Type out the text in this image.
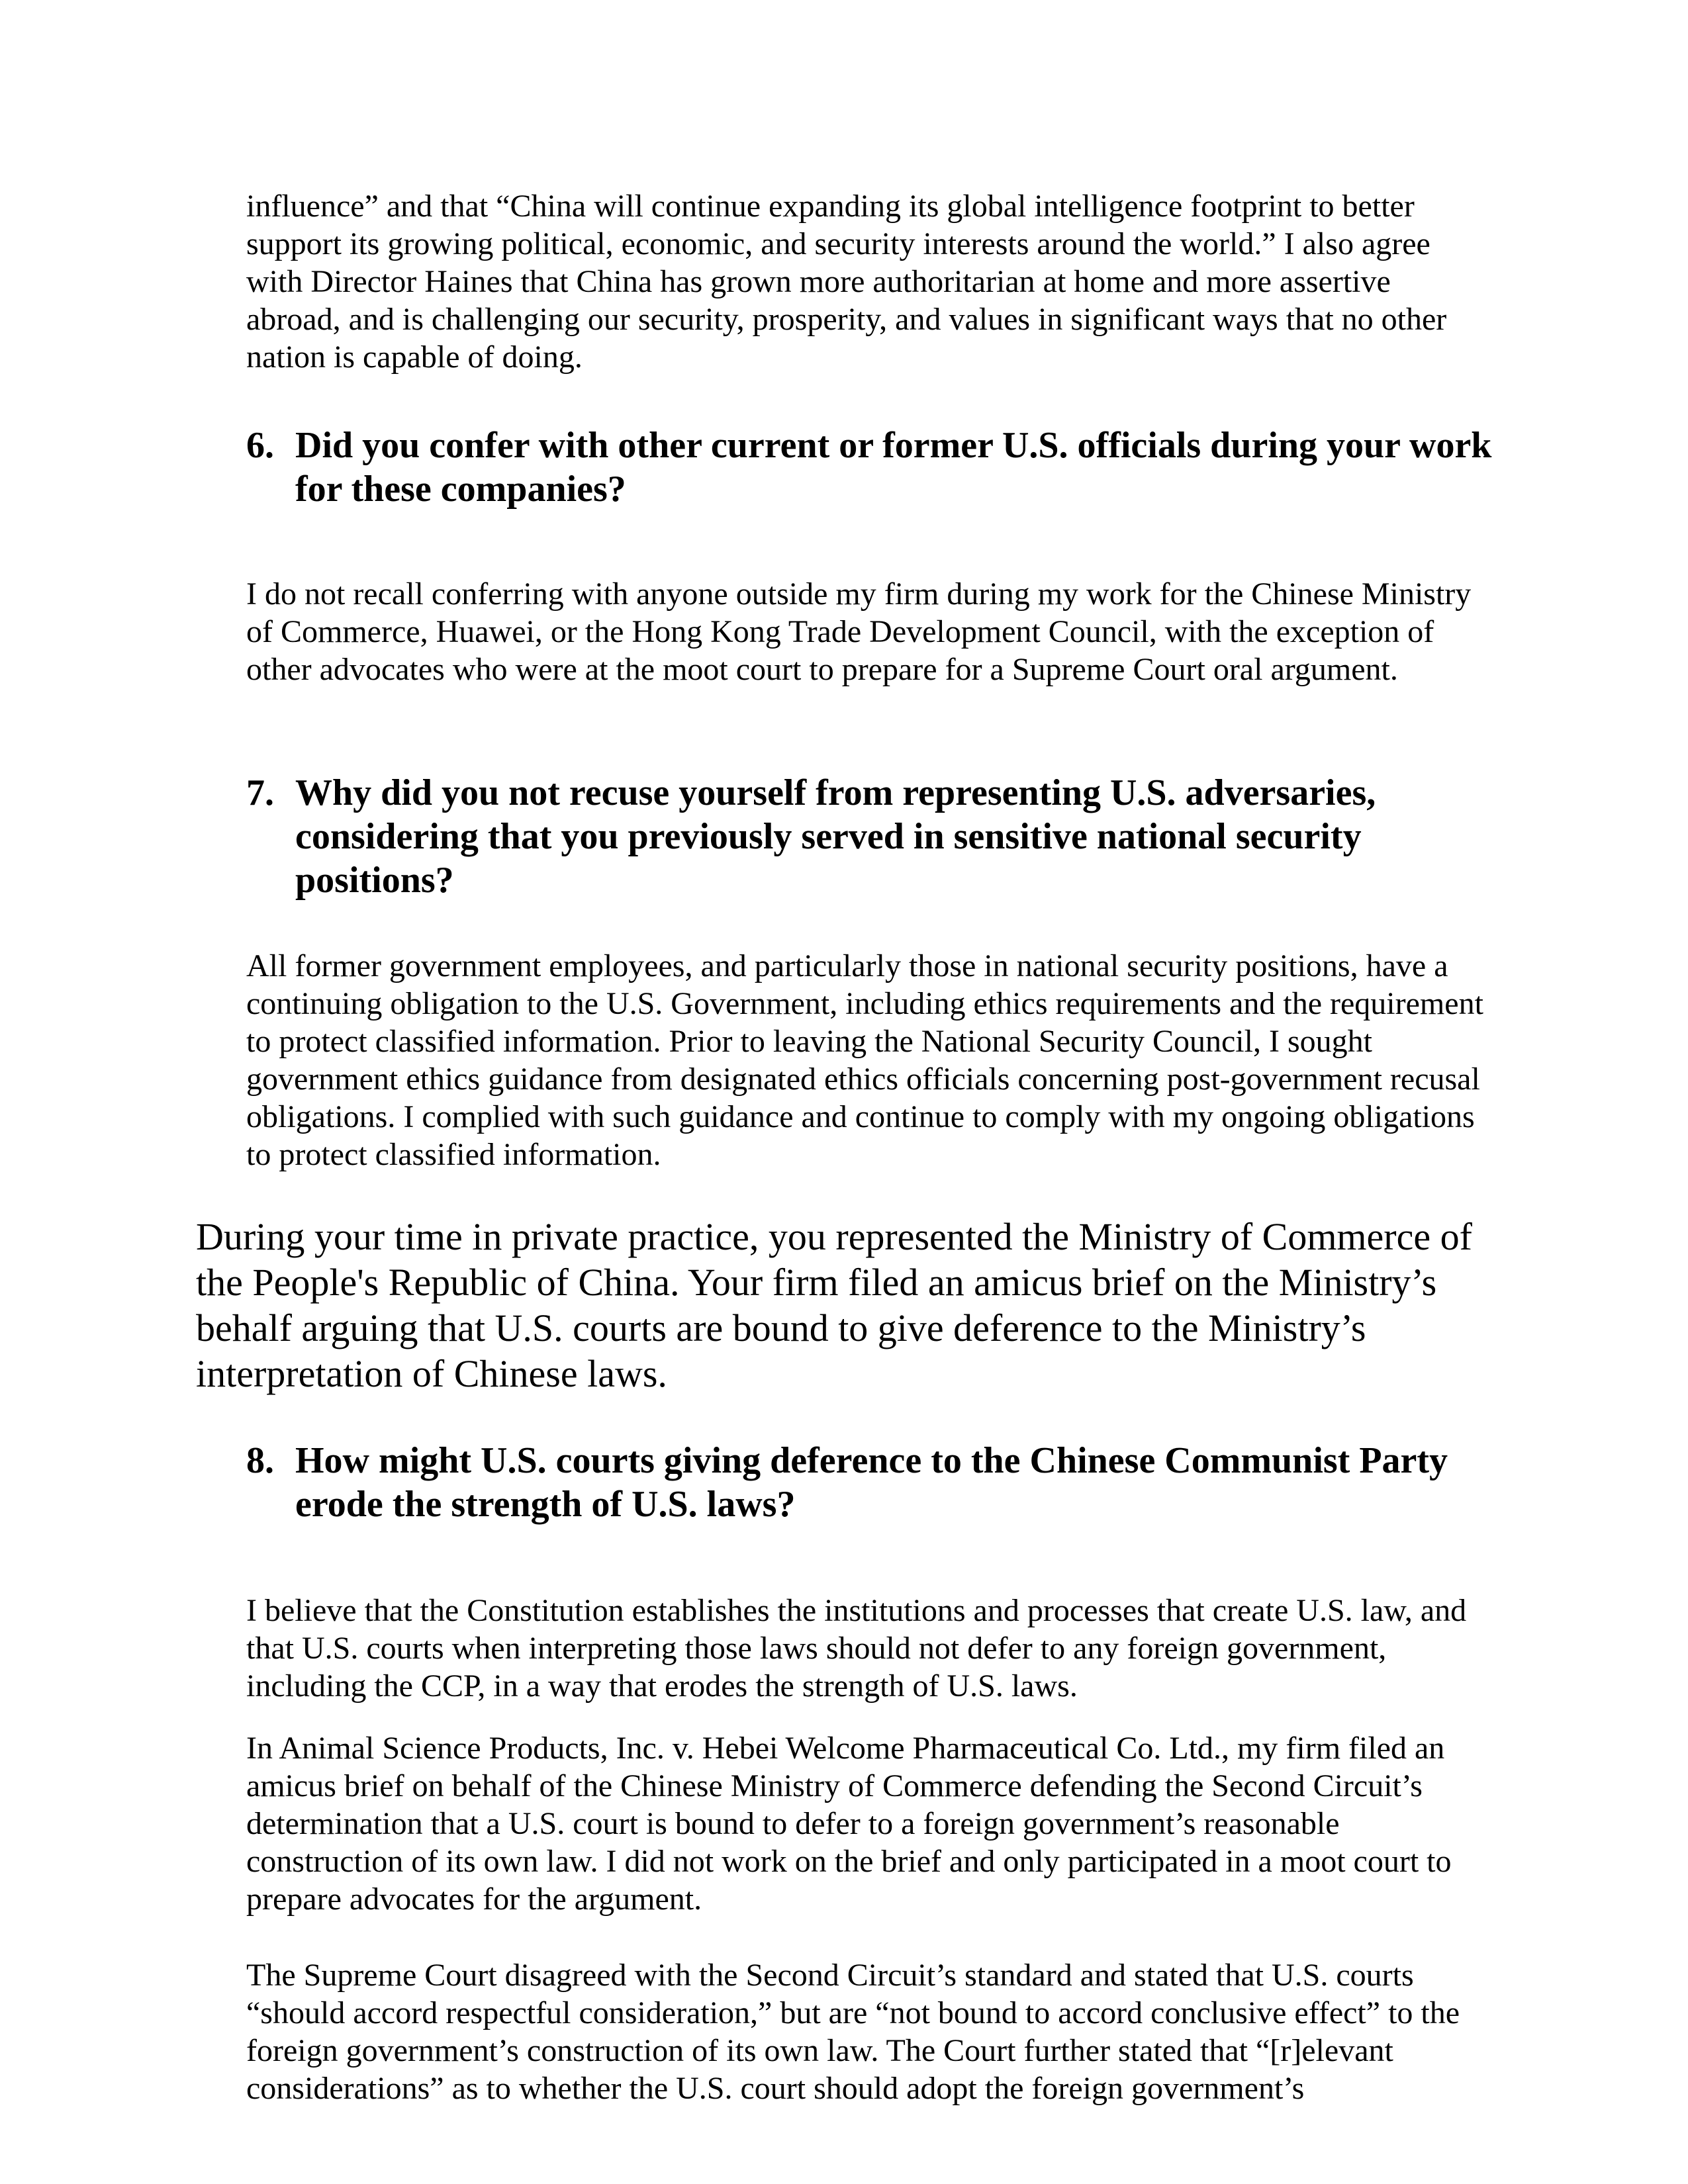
influence” and that “China will continue expanding its global intelligence footprint to better support its growing political, economic, and security interests around the world.” I also agree with Director Haines that China has grown more authoritarian at home and more assertive abroad, and is challenging our security, prosperity, and values in significant ways that no other nation is capable of doing.

6. Did you confer with other current or former U.S. officials during your work for these companies?

I do not recall conferring with anyone outside my firm during my work for the Chinese Ministry of Commerce, Huawei, or the Hong Kong Trade Development Council, with the exception of other advocates who were at the moot court to prepare for a Supreme Court oral argument.

7. Why did you not recuse yourself from representing U.S. adversaries, considering that you previously served in sensitive national security positions?

All former government employees, and particularly those in national security positions, have a continuing obligation to the U.S. Government, including ethics requirements and the requirement to protect classified information. Prior to leaving the National Security Council, I sought government ethics guidance from designated ethics officials concerning post-government recusal obligations. I complied with such guidance and continue to comply with my ongoing obligations to protect classified information.

During your time in private practice, you represented the Ministry of Commerce of the People's Republic of China. Your firm filed an amicus brief on the Ministry’s behalf arguing that U.S. courts are bound to give deference to the Ministry’s interpretation of Chinese laws.

8. How might U.S. courts giving deference to the Chinese Communist Party erode the strength of U.S. laws?

I believe that the Constitution establishes the institutions and processes that create U.S. law, and that U.S. courts when interpreting those laws should not defer to any foreign government, including the CCP, in a way that erodes the strength of U.S. laws.

In Animal Science Products, Inc. v. Hebei Welcome Pharmaceutical Co. Ltd., my firm filed an amicus brief on behalf of the Chinese Ministry of Commerce defending the Second Circuit’s determination that a U.S. court is bound to defer to a foreign government’s reasonable construction of its own law. I did not work on the brief and only participated in a moot court to prepare advocates for the argument.

The Supreme Court disagreed with the Second Circuit’s standard and stated that U.S. courts “should accord respectful consideration,” but are “not bound to accord conclusive effect” to the foreign government’s construction of its own law. The Court further stated that “[r]elevant considerations” as to whether the U.S. court should adopt the foreign government’s
